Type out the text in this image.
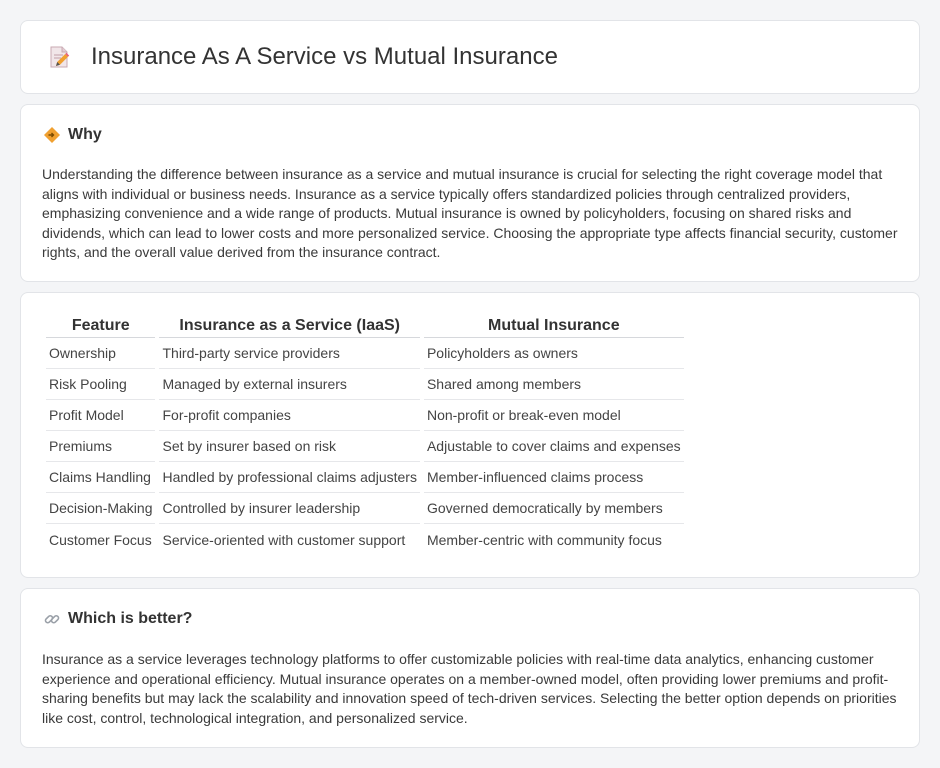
Insurance As A Service vs Mutual Insurance
Why

Understanding the difference between insurance as a service and mutual insurance is crucial for selecting the right coverage model that aligns with individual or business needs. Insurance as a service typically offers standardized policies through centralized providers, emphasizing convenience and a wide range of products. Mutual insurance is owned by policyholders, focusing on shared risks and dividends, which can lead to lower costs and more personalized service. Choosing the appropriate type affects financial security, customer rights, and the overall value derived from the insurance contract.

Feature	Insurance as a Service (IaaS)	Mutual Insurance
Ownership	Third-party service providers	Policyholders as owners
Risk Pooling	Managed by external insurers	Shared among members
Profit Model	For-profit companies	Non-profit or break-even model
Premiums	Set by insurer based on risk	Adjustable to cover claims and expenses
Claims Handling	Handled by professional claims adjusters	Member-influenced claims process
Decision-Making	Controlled by insurer leadership	Governed democratically by members
Customer Focus	Service-oriented with customer support	Member-centric with community focus
Which is better?

Insurance as a service leverages technology platforms to offer customizable policies with real-time data analytics, enhancing customer experience and operational efficiency. Mutual insurance operates on a member-owned model, often providing lower premiums and profit-sharing benefits but may lack the scalability and innovation speed of tech-driven services. Selecting the better option depends on priorities like cost, control, technological integration, and personalized service.
